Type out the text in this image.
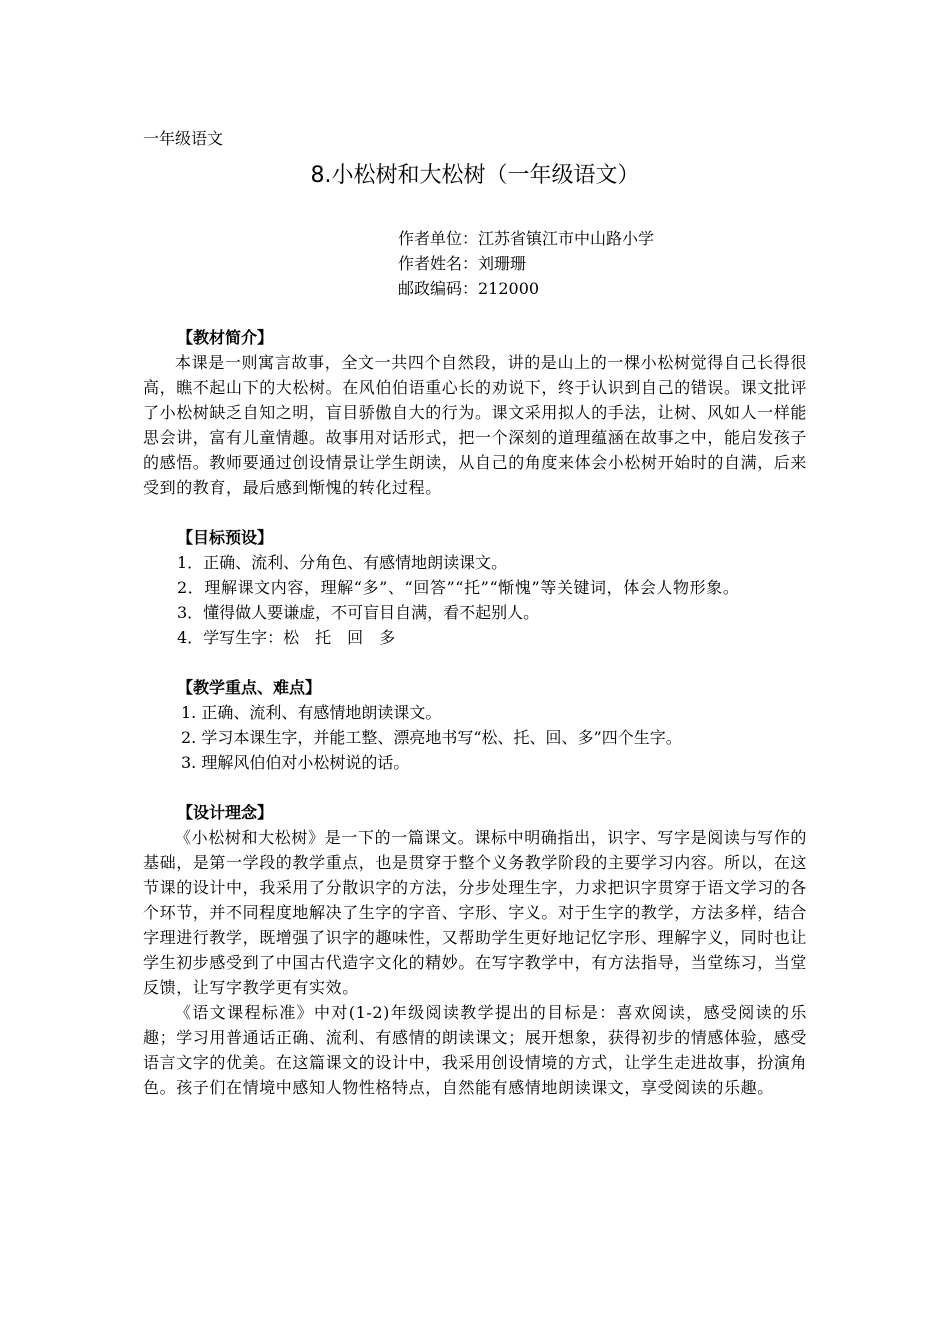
一年级语文
8.小松树和大松树（一年级语文）
作者单位：江苏省镇江市中山路小学
作者姓名：刘珊珊
邮政编码：212000
【教材简介】
本课是一则寓言故事，全文一共四个自然段，讲的是山上的一棵小松树觉得自己长得很高，瞧不起山下的大松树。在风伯伯语重心长的劝说下，终于认识到自己的错误。课文批评了小松树缺乏自知之明，盲目骄傲自大的行为。课文采用拟人的手法，让树、风如人一样能思会讲，富有儿童情趣。故事用对话形式，把一个深刻的道理蕴涵在故事之中，能启发孩子的感悟。教师要通过创设情景让学生朗读，从自己的角度来体会小松树开始时的自满，后来受到的教育，最后感到惭愧的转化过程。
【目标预设】
1．正确、流利、分角色、有感情地朗读课文。
2．理解课文内容，理解“多”、“回答”“托”“惭愧”等关键词，体会人物形象。
3．懂得做人要谦虚，不可盲目自满，看不起别人。
4．学写生字：松　托　回　多
【教学重点、难点】
1. 正确、流利、有感情地朗读课文。
2. 学习本课生字，并能工整、漂亮地书写“松、托、回、多”四个生字。
3. 理解风伯伯对小松树说的话。
【设计理念】
《小松树和大松树》是一下的一篇课文。课标中明确指出，识字、写字是阅读与写作的基础，是第一学段的教学重点，也是贯穿于整个义务教学阶段的主要学习内容。所以，在这节课的设计中，我采用了分散识字的方法，分步处理生字，力求把识字贯穿于语文学习的各个环节，并不同程度地解决了生字的字音、字形、字义。对于生字的教学，方法多样，结合字理进行教学，既增强了识字的趣味性，又帮助学生更好地记忆字形、理解字义，同时也让学生初步感受到了中国古代造字文化的精妙。在写字教学中，有方法指导，当堂练习，当堂反馈，让写字教学更有实效。
《语文课程标准》中对(1-2)年级阅读教学提出的目标是：喜欢阅读，感受阅读的乐趣；学习用普通话正确、流利、有感情的朗读课文；展开想象，获得初步的情感体验，感受语言文字的优美。在这篇课文的设计中，我采用创设情境的方式，让学生走进故事，扮演角色。孩子们在情境中感知人物性格特点，自然能有感情地朗读课文，享受阅读的乐趣。
